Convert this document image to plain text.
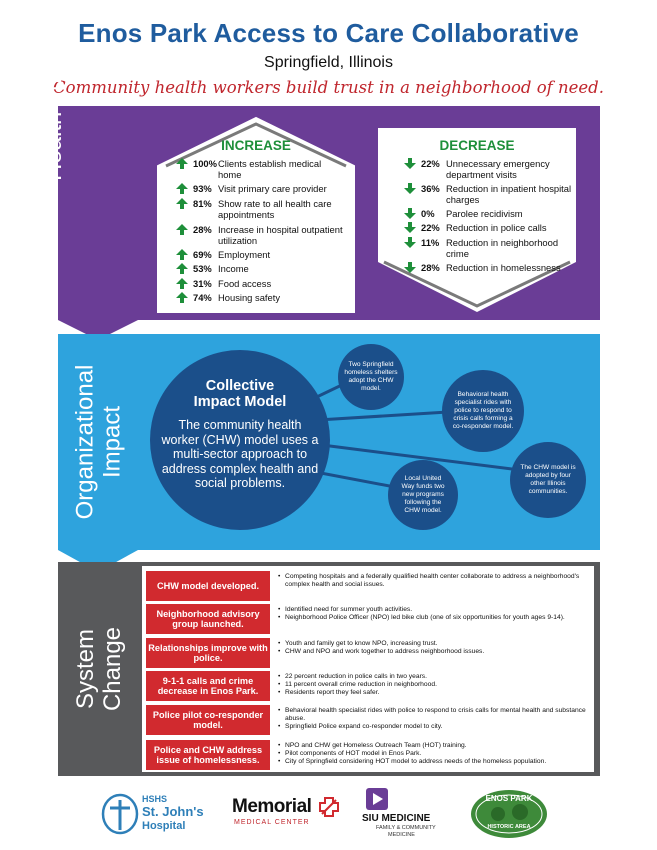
Enos Park Access to Care Collaborative
Springfield, Illinois
Community health workers build trust in a neighborhood of need.
Year 2 Client Health Impact	INCREASE	DECREASE
100% Clients establish medical home
93% Visit primary care provider
81% Show rate to all health care appointments
28% Increase in hospital outpatient utilization
69% Employment
53% Income
31% Food access
74% Housing safety
22% Unnecessary emergency department visits
36% Reduction in inpatient hospital charges
0%	Parolee recidivism
22% Reduction in police calls
11% Reduction in neighborhood crime
28% Reduction in homelessness
Organizational Impact
Collective
Impact Model
The community health worker (CHW) model uses a multi-sector approach to address complex health and social problems.
Two Springfield homeless shelters adopt the CHW model.
Behavioral health specialist rides with police to respond to crisis calls forming a co-responder model.
Local United Way funds two new programs following the CHW model.
The CHW model is adopted by four other Illinois communities.
System Change
CHW model developed.
• Competing hospitals and a federally qualified health center collaborate to address a neighborhood's complex health and social issues.
Neighborhood advisory group launched.
• Identified need for summer youth activities.
• Neighborhood Police Officer (NPO) led bike club (one of six opportunities for youth ages 9-14).
Relationships improve with police.
• Youth and family get to know NPO, increasing trust.
• CHW and NPO and work together to address neighborhood issues.
9-1-1 calls and crime decrease in Enos Park.
• 22 percent reduction in police calls in two years.
• 11 percent overall crime reduction in neighborhood.
• Residents report they feel safer.
Police pilot co-responder model.
• Behavioral health specialist rides with police to respond to crisis calls for mental health and substance abuse.
• Springfield Police expand co-responder model to city.
Police and CHW address issue of homelessness.
• NPO and CHW get Homeless Outreach Team (HOT) training.
• Pilot components of HOT model in Enos Park.
• City of Springfield considering HOT model to address needs of the homeless population.
HSHS
St. John's
Hospital
Memorial
MEDICAL CENTER	SIU MEDICINE
FAMILY & COMMUNITY
MEDICINE
ENOS PARK
HISTORIC AREA
